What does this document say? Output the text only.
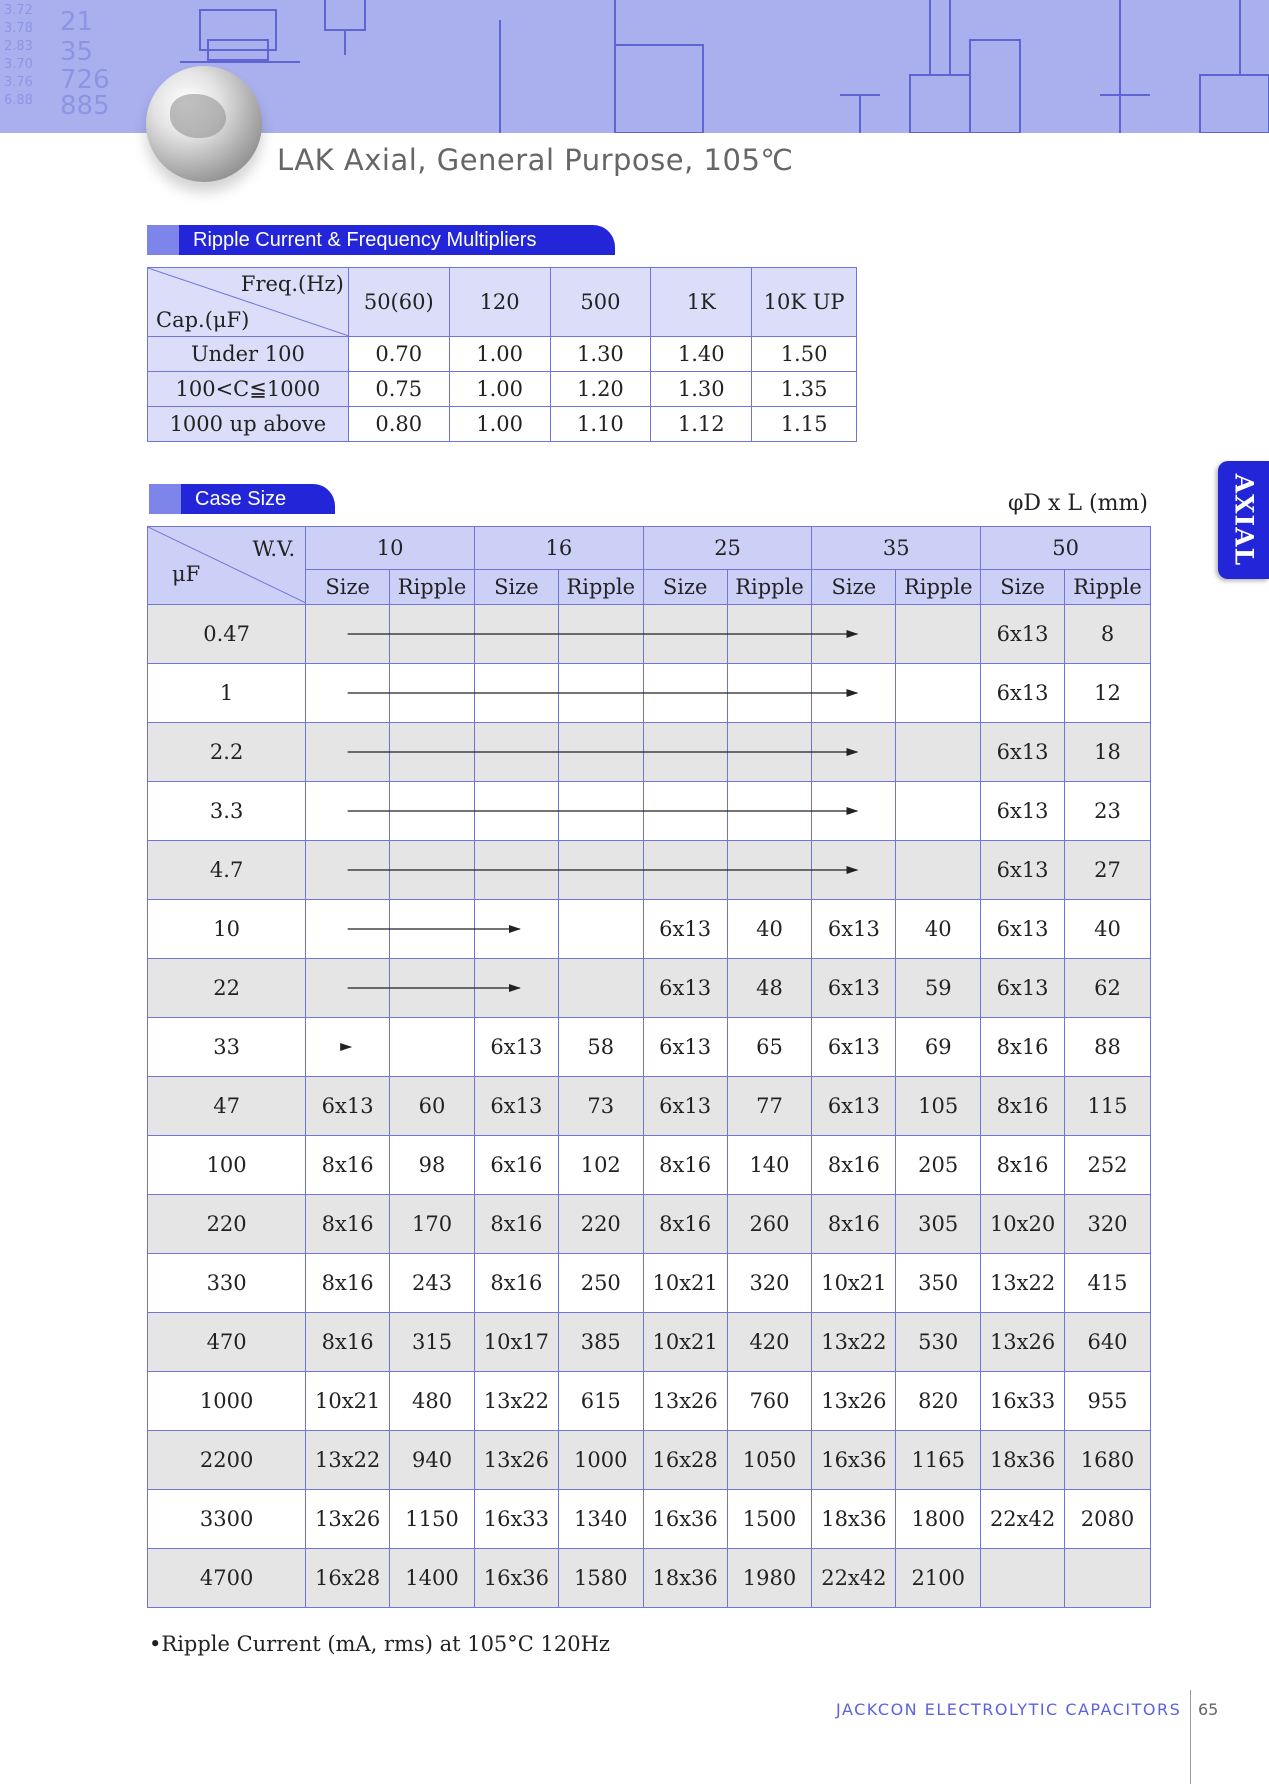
3.72
3.78
2.83
3.70
3.76
6.88
21
35
726
885
LAK Axial, General Purpose, 105℃
AXIAL
Ripple Current & Frequency Multipliers
Freq.(Hz)
Cap.(μF)	50(60)	120	500	1K	10K UP
Under 100	0.70	1.00	1.30	1.40	1.50
100<C≦1000	0.75	1.00	1.20	1.30	1.35
1000 up above	0.80	1.00	1.10	1.12	1.15
Case Size	φD x L (mm)
W.V.
μF	10		16		25		35		50	
	Size	Ripple	Size	Ripple	Size	Ripple	Size	Ripple	Size	Ripple
0.47									6x13	8
1									6x13	12
2.2									6x13	18
3.3									6x13	23
4.7									6x13	27
10					6x13	40	6x13	40	6x13	40
22					6x13	48	6x13	59	6x13	62
33			6x13	58	6x13	65	6x13	69	8x16	88
47	6x13	60	6x13	73	6x13	77	6x13	105	8x16	115
100	8x16	98	6x16	102	8x16	140	8x16	205	8x16	252
220	8x16	170	8x16	220	8x16	260	8x16	305	10x20	320
330	8x16	243	8x16	250	10x21	320	10x21	350	13x22	415
470	8x16	315	10x17	385	10x21	420	13x22	530	13x26	640
1000	10x21	480	13x22	615	13x26	760	13x26	820	16x33	955
2200	13x22	940	13x26	1000	16x28	1050	16x36	1165	18x36	1680
3300	13x26	1150	16x33	1340	16x36	1500	18x36	1800	22x42	2080
4700	16x28	1400	16x36	1580	18x36	1980	22x42	2100		
•Ripple Current (mA, rms) at 105°C 120Hz
JACKCON ELECTROLYTIC CAPACITORS 65
